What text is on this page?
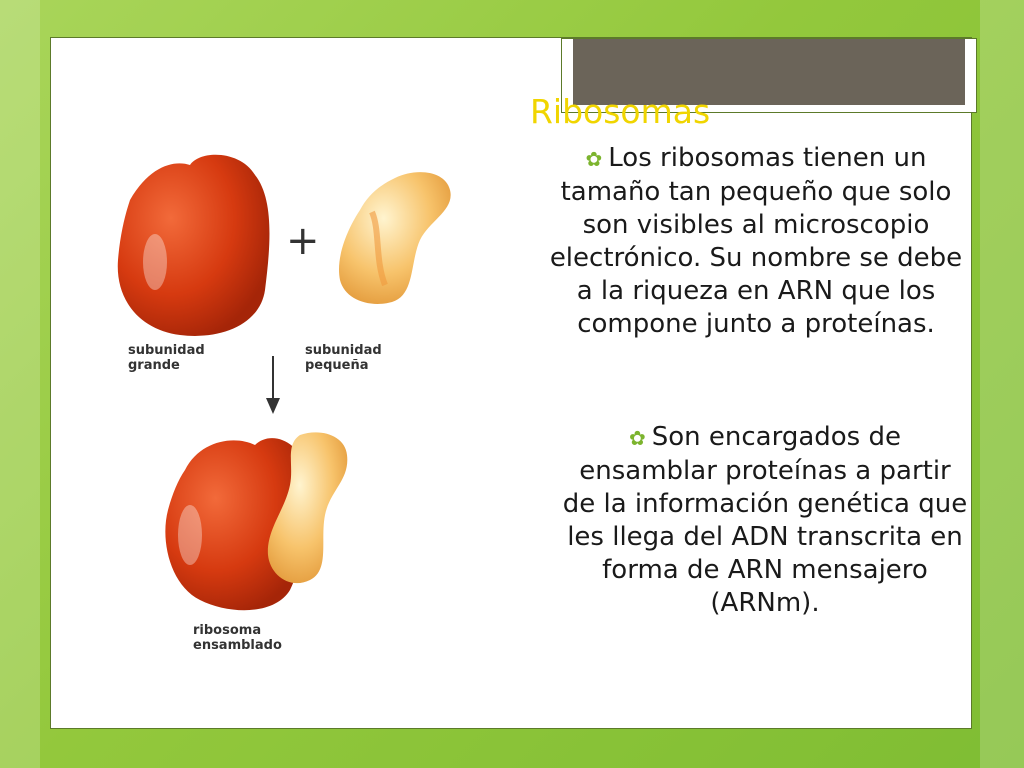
+
subunidad
grande
subunidad
pequeña
ribosoma
ensamblado
Ribosomas
✿ Los ribosomas tienen un tamaño tan pequeño que solo son visibles al microscopio electrónico. Su nombre se debe a la riqueza en ARN que los compone junto a proteínas.
✿ Son encargados de ensamblar proteínas a partir de la información genética que les llega del ADN transcrita en forma de ARN mensajero (ARNm).
